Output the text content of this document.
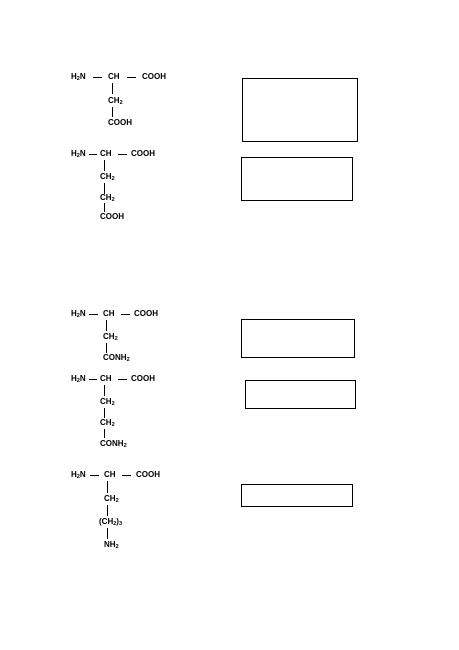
$H_2N$	CH	COOH
$CH_2$
COOH
$H_2N$ CH COOH
$CH_2$
$CH_2$
COOH
$H_2N$ CH COOH
$CH_2$
$CONH_2$
$H_2N$ CH COOH
$CH_2$
$CH_2$
$CONH_2$
$H_2N$ CH	COOH
$CH_2$
$(CH_2)_3$
$NH_2$
·· ··
